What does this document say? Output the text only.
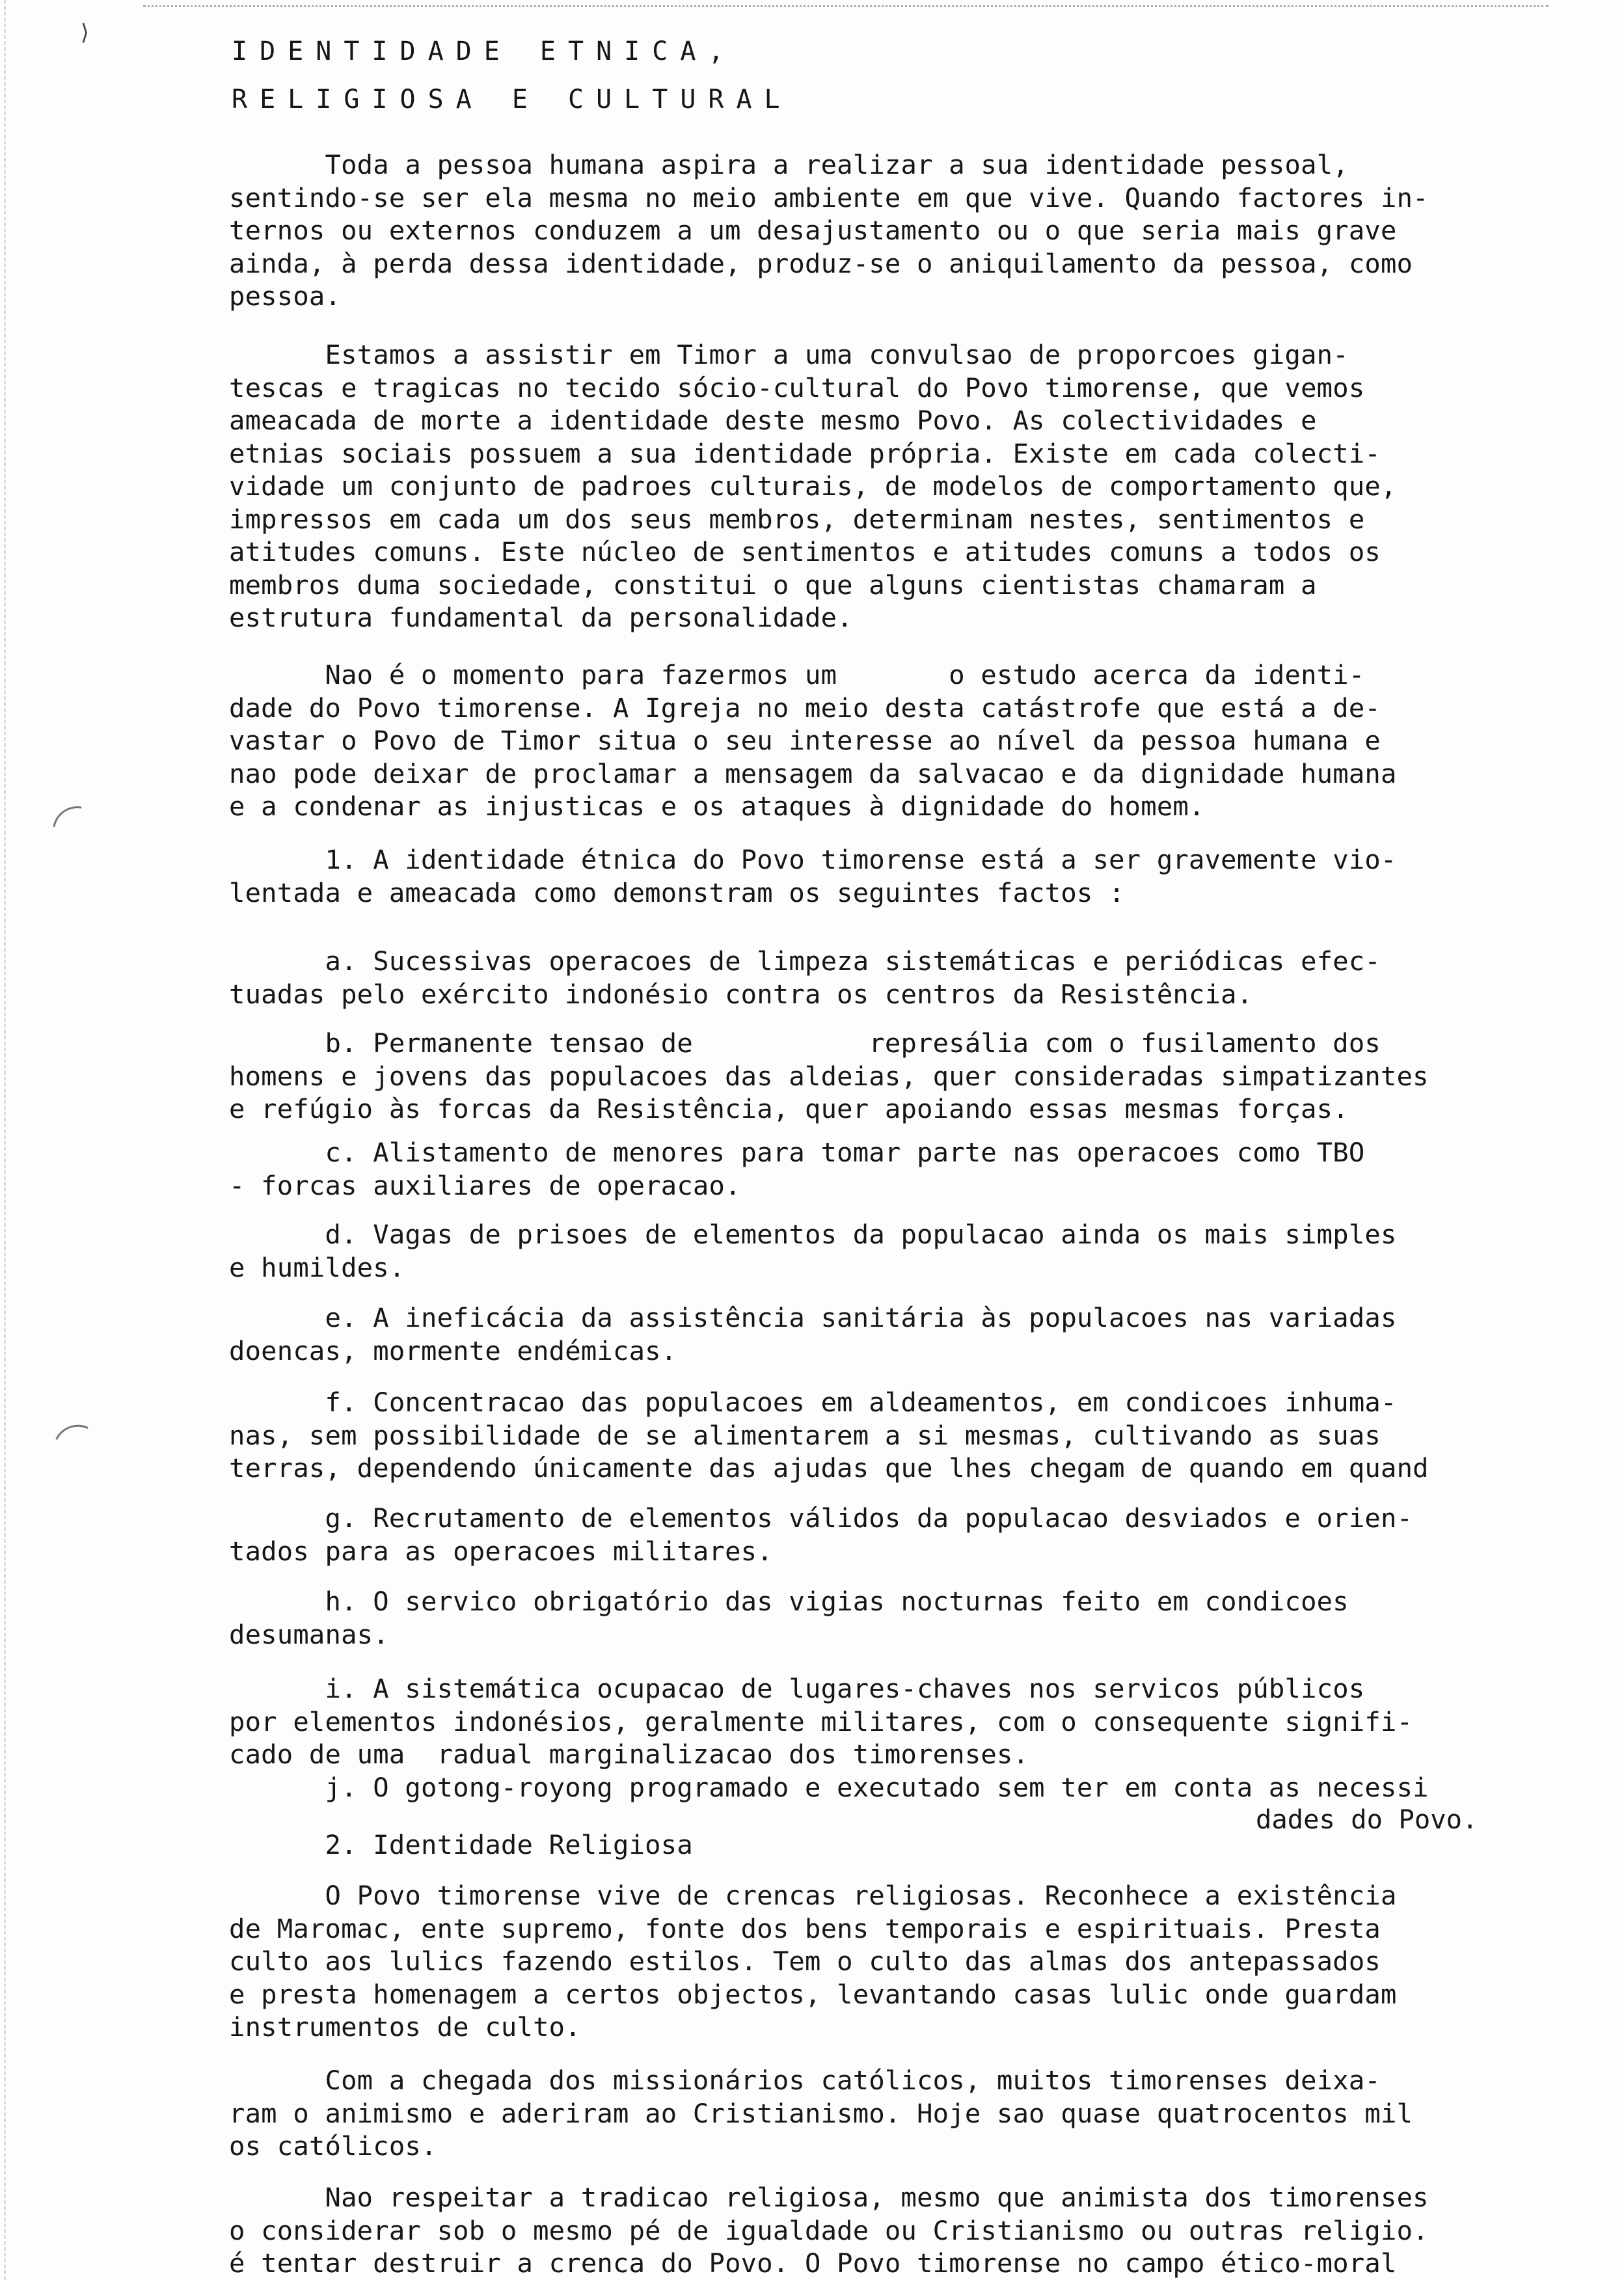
⟩
IDENTIDADE ETNICA,
RELIGIOSA E CULTURAL
Toda a pessoa humana aspira a realizar a sua identidade pessoal,
sentindo-se ser ela mesma no meio ambiente em que vive. Quando factores in-
ternos ou externos conduzem a um desajustamento ou o que seria mais grave
ainda, à perda dessa identidade, produz-se o aniquilamento da pessoa, como
pessoa.
Estamos a assistir em Timor a uma convulsao de proporcoes gigan-
tescas e tragicas no tecido sócio-cultural do Povo timorense, que vemos
ameacada de morte a identidade deste mesmo Povo. As colectividades e
etnias sociais possuem a sua identidade própria. Existe em cada colecti-
vidade um conjunto de padroes culturais, de modelos de comportamento que,
impressos em cada um dos seus membros, determinam nestes, sentimentos e
atitudes comuns. Este núcleo de sentimentos e atitudes comuns a todos os
membros duma sociedade, constitui o que alguns cientistas chamaram a
estrutura fundamental da personalidade.
Nao é o momento para fazermos um       o estudo acerca da identi-
dade do Povo timorense. A Igreja no meio desta catástrofe que está a de-
vastar o Povo de Timor situa o seu interesse ao nível da pessoa humana e
nao pode deixar de proclamar a mensagem da salvacao e da dignidade humana
e a condenar as injusticas e os ataques à dignidade do homem.
1. A identidade étnica do Povo timorense está a ser gravemente vio-
lentada e ameacada como demonstram os seguintes factos :
a. Sucessivas operacoes de limpeza sistemáticas e periódicas efec-
tuadas pelo exército indonésio contra os centros da Resistência.
b. Permanente tensao de           represália com o fusilamento dos
homens e jovens das populacoes das aldeias, quer consideradas simpatizantes
e refúgio às forcas da Resistência, quer apoiando essas mesmas forças.
c. Alistamento de menores para tomar parte nas operacoes como TBO
- forcas auxiliares de operacao.
d. Vagas de prisoes de elementos da populacao ainda os mais simples
e humildes.
e. A ineficácia da assistência sanitária às populacoes nas variadas
doencas, mormente endémicas.
f. Concentracao das populacoes em aldeamentos, em condicoes inhuma-
nas, sem possibilidade de se alimentarem a si mesmas, cultivando as suas
terras, dependendo únicamente das ajudas que lhes chegam de quando em quand
g. Recrutamento de elementos válidos da populacao desviados e orien-
tados para as operacoes militares.
h. O servico obrigatório das vigias nocturnas feito em condicoes
desumanas.
i. A sistemática ocupacao de lugares-chaves nos servicos públicos
por elementos indonésios, geralmente militares, com o consequente signifi-
cado de uma  radual marginalizacao dos timorenses.
j. O gotong-royong programado e executado sem ter em conta as necessi
dades do Povo.
2. Identidade Religiosa
O Povo timorense vive de crencas religiosas. Reconhece a existência
de Maromac, ente supremo, fonte dos bens temporais e espirituais. Presta
culto aos lulics fazendo estilos. Tem o culto das almas dos antepassados
e presta homenagem a certos objectos, levantando casas lulic onde guardam
instrumentos de culto.
Com a chegada dos missionários católicos, muitos timorenses deixa-
ram o animismo e aderiram ao Cristianismo. Hoje sao quase quatrocentos mil
os católicos.
Nao respeitar a tradicao religiosa, mesmo que animista dos timorenses
o considerar sob o mesmo pé de igualdade ou Cristianismo ou outras religio.
é tentar destruir a crenca do Povo. O Povo timorense no campo ético-moral
